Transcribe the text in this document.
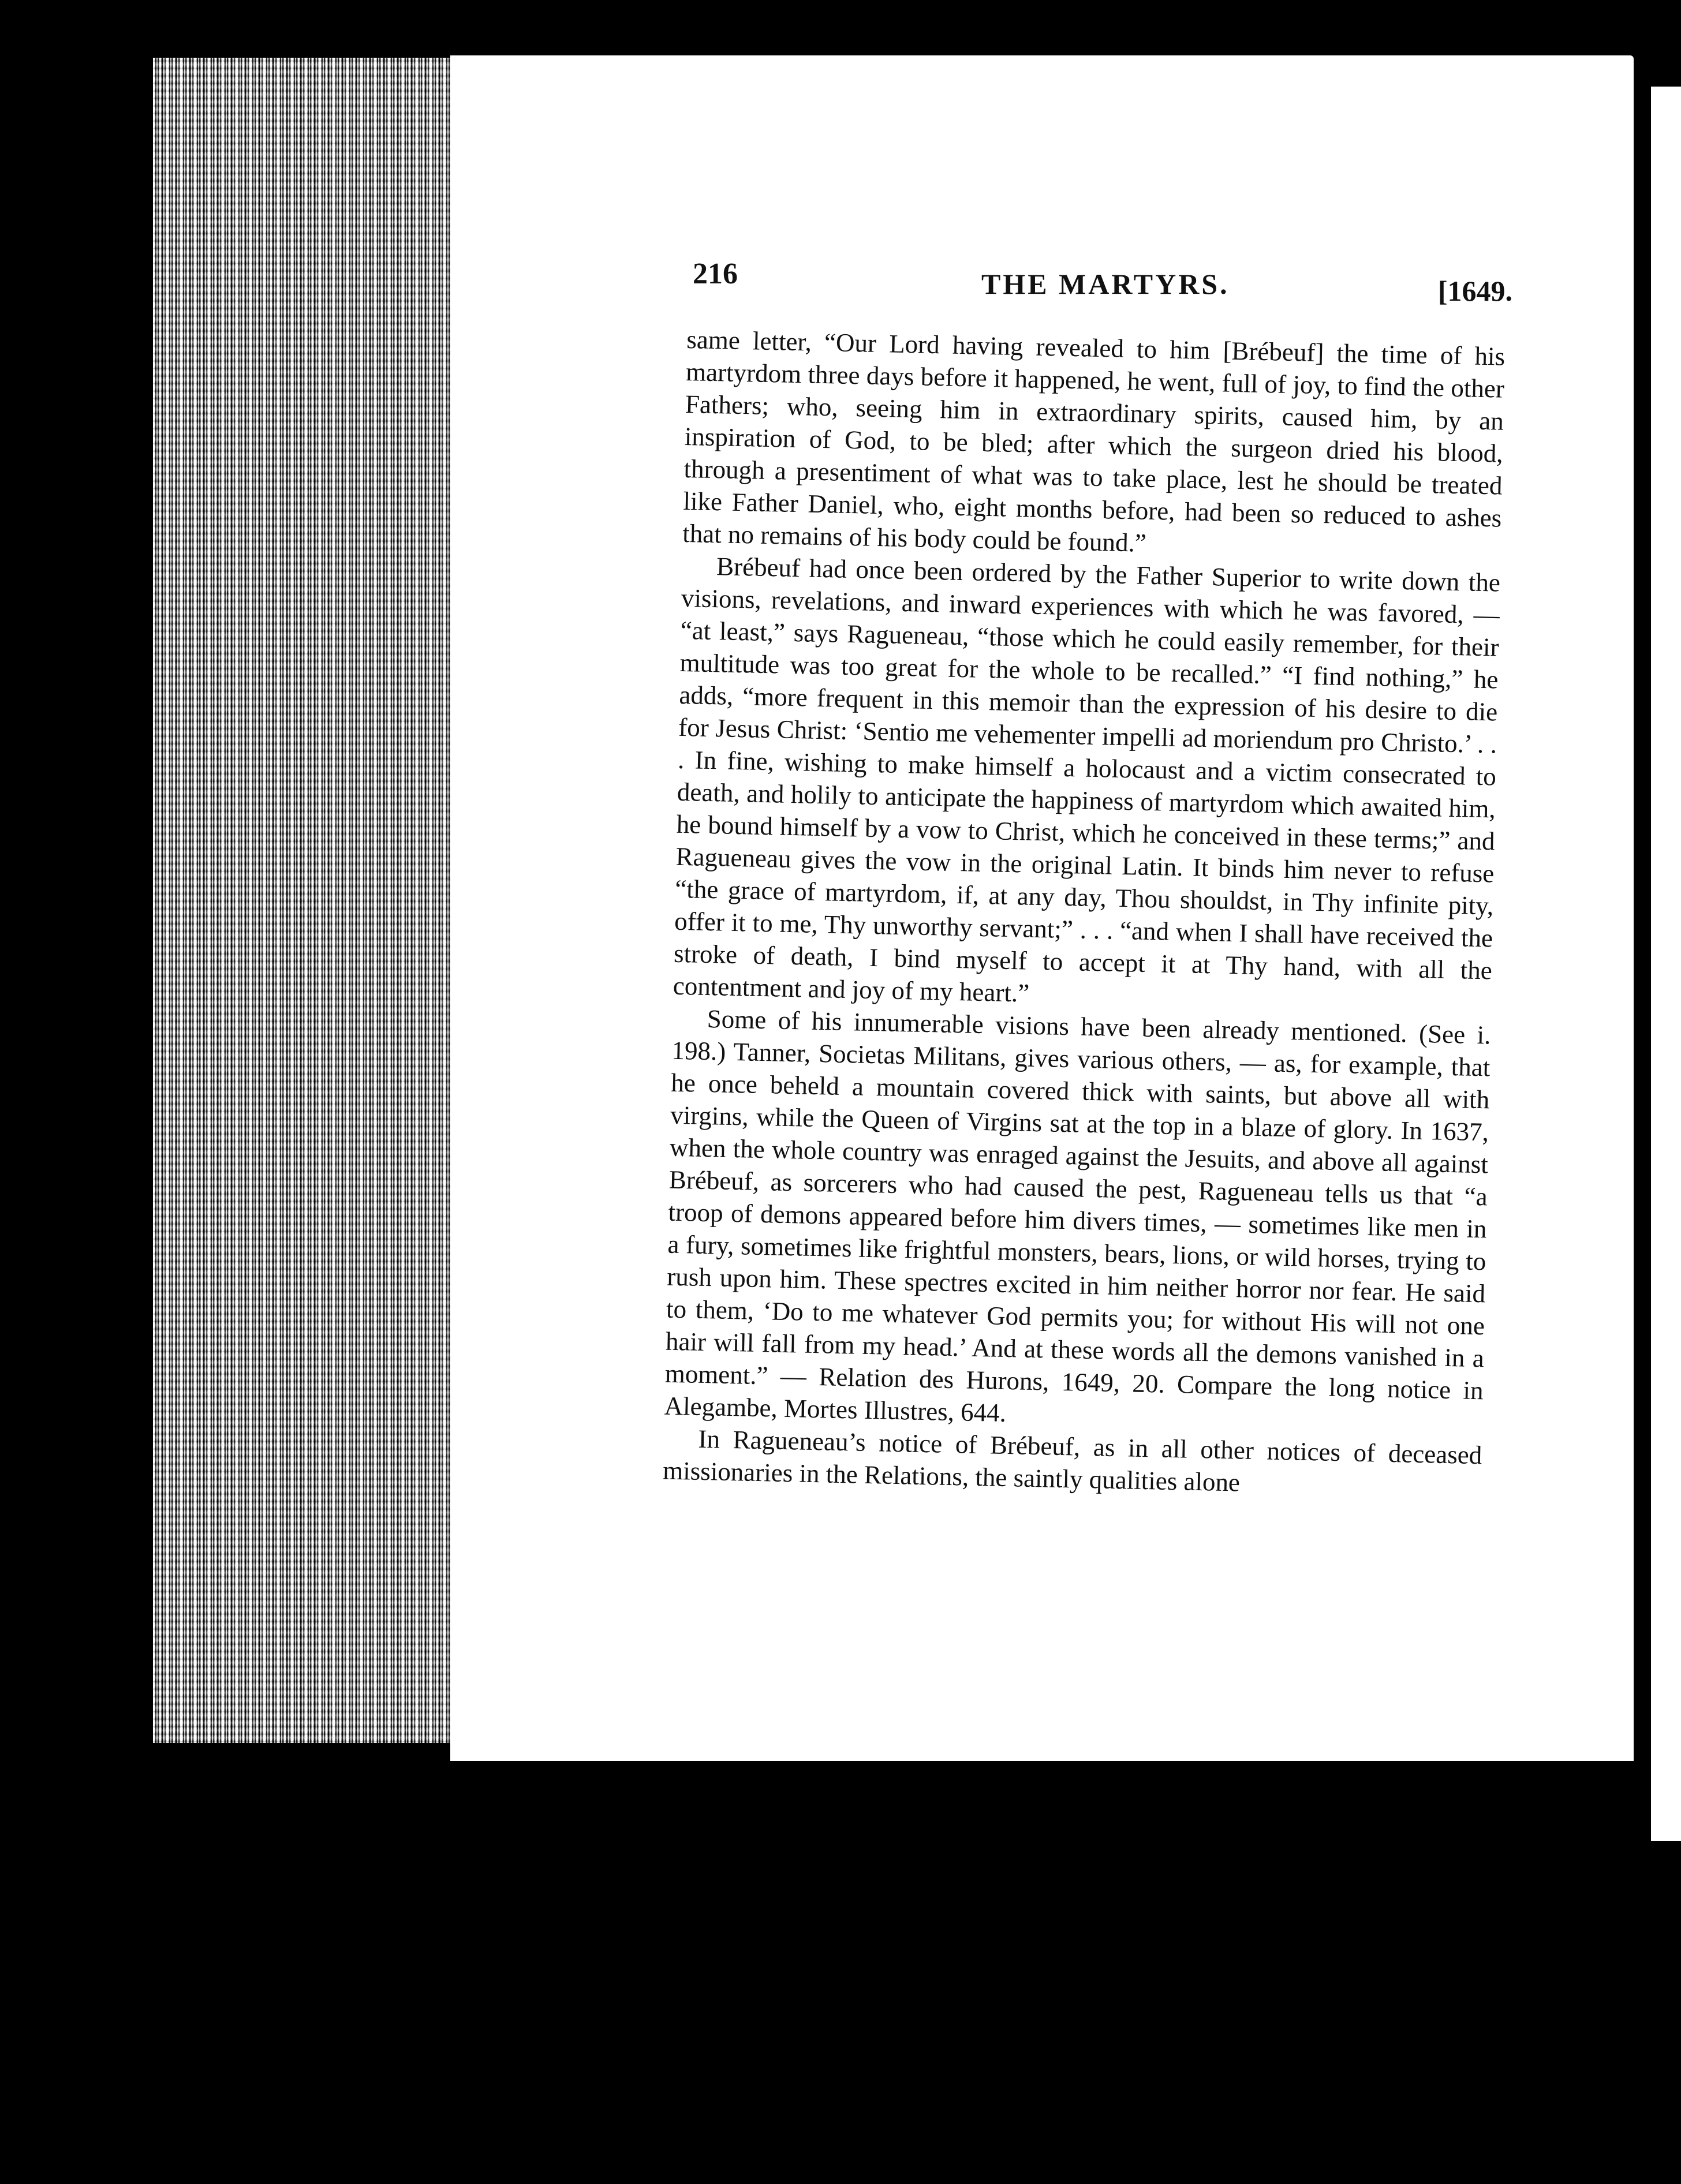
216	THE MARTYRS.	[1649.

same letter, “Our Lord having revealed to him [Brébeuf] the time of his martyrdom three days before it happened, he went, full of joy, to find the other Fathers; who, seeing him in extraordinary spirits, caused him, by an inspiration of God, to be bled; after which the surgeon dried his blood, through a presentiment of what was to take place, lest he should be treated like Father Daniel, who, eight months before, had been so reduced to ashes that no remains of his body could be found.”

Brébeuf had once been ordered by the Father Superior to write down the visions, revelations, and inward experiences with which he was favored, — “at least,” says Ragueneau, “those which he could easily remember, for their multitude was too great for the whole to be recalled.” “I find nothing,” he adds, “more frequent in this memoir than the expression of his desire to die for Jesus Christ: ‘Sentio me vehementer impelli ad moriendum pro Christo.’ . . . In fine, wishing to make himself a holocaust and a victim consecrated to death, and holily to anticipate the happiness of martyrdom which awaited him, he bound himself by a vow to Christ, which he conceived in these terms;” and Ragueneau gives the vow in the original Latin. It binds him never to refuse “the grace of martyrdom, if, at any day, Thou shouldst, in Thy infinite pity, offer it to me, Thy unworthy servant;” . . . “and when I shall have received the stroke of death, I bind myself to accept it at Thy hand, with all the contentment and joy of my heart.”

Some of his innumerable visions have been already mentioned. (See i. 198.) Tanner, Societas Militans, gives various others, — as, for example, that he once beheld a mountain covered thick with saints, but above all with virgins, while the Queen of Virgins sat at the top in a blaze of glory. In 1637, when the whole country was enraged against the Jesuits, and above all against Brébeuf, as sorcerers who had caused the pest, Ragueneau tells us that “a troop of demons appeared before him divers times, — sometimes like men in a fury, sometimes like frightful monsters, bears, lions, or wild horses, trying to rush upon him. These spectres excited in him neither horror nor fear. He said to them, ‘Do to me whatever God permits you; for without His will not one hair will fall from my head.’ And at these words all the demons vanished in a moment.” — Relation des Hurons, 1649, 20. Compare the long notice in Alegambe, Mortes Illustres, 644.

In Ragueneau’s notice of Brébeuf, as in all other notices of deceased missionaries in the Relations, the saintly qualities alone
